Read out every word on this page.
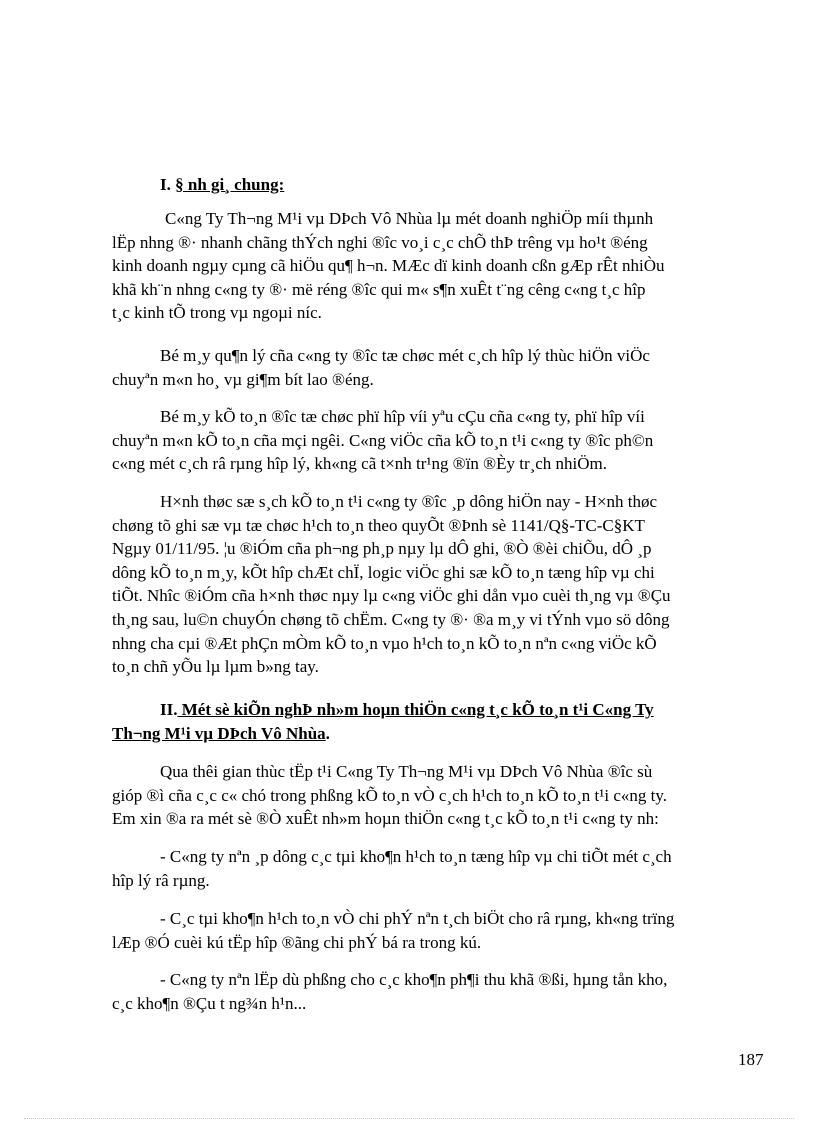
I. § nh gi¸ chung:
C«ng Ty Th¬ng M¹i vµ DÞch Vô Nhùa lµ mét doanh nghiÖp míi thµnh
lËp nhng ®· nhanh chãng thÝch nghi ®îc vo¸i c¸c chÕ thÞ trêng vµ ho¹t ®éng
kinh doanh ngµy cµng cã hiÖu qu¶ h¬n. MÆc dï kinh doanh cßn gÆp rÊt nhiÒu
khã kh¨n nhng c«ng ty ®· më réng ®îc qui m« s¶n xuÊt t¨ng cêng c«ng t¸c hîp
t¸c kinh tÕ trong vµ ngoµi níc.
Bé m¸y qu¶n lý cña c«ng ty ®îc tæ chøc mét c¸ch hîp lý thùc hiÖn viÖc
chuyªn m«n ho¸ vµ gi¶m bít lao ®éng.
Bé m¸y kÕ to¸n ®îc tæ chøc phï hîp víi yªu cÇu cña c«ng ty, phï hîp víi
chuyªn m«n kÕ to¸n cña mçi ngêi. C«ng viÖc cña kÕ to¸n t¹i c«ng ty ®îc ph©n
c«ng mét c¸ch râ rµng hîp lý, kh«ng cã t×nh tr¹ng ®ïn ®Èy tr¸ch nhiÖm.
H×nh thøc sæ s¸ch kÕ to¸n t¹i c«ng ty ®îc ¸p dông hiÖn nay - H×nh thøc
chøng tõ ghi sæ vµ tæ chøc h¹ch to¸n theo quyÕt ®Þnh sè 1141/Q§-TC-C§KT
Ngµy 01/11/95. ¦u ®iÓm cña ph¬ng ph¸p nµy lµ dÔ ghi, ®Ò ®èi chiÕu, dÔ ¸p
dông kÕ to¸n m¸y, kÕt hîp chÆt chÏ, logic viÖc ghi sæ kÕ to¸n tæng hîp vµ chi
tiÕt. Nhîc ®iÓm cña h×nh thøc nµy lµ c«ng viÖc ghi dån vµo cuèi th¸ng vµ ®Çu
th¸ng sau, lu©n chuyÓn chøng tõ chËm. C«ng ty ®· ®a m¸y vi tÝnh vµo sö dông
nhng cha cµi ®Æt phÇn mÒm kÕ to¸n vµo h¹ch to¸n kÕ to¸n nªn c«ng viÖc kÕ
to¸n chñ yÕu lµ lµm b»ng tay.
II. Mét sè kiÕn nghÞ nh»m hoµn thiÖn c«ng t¸c kÕ to¸n t¹i C«ng Ty
Th¬ng M¹i vµ DÞch Vô Nhùa.
Qua thêi gian thùc tËp t¹i C«ng Ty Th¬ng M¹i vµ DÞch Vô Nhùa ®îc sù
gióp ®ì cña c¸c c« chó trong phßng kÕ to¸n vÒ c¸ch h¹ch to¸n kÕ to¸n t¹i c«ng ty.
Em xin ®a ra mét sè ®Ò xuÊt nh»m hoµn thiÖn c«ng t¸c kÕ to¸n t¹i c«ng ty nh:
- C«ng ty nªn ¸p dông c¸c tµi kho¶n h¹ch to¸n tæng hîp vµ chi tiÕt mét c¸ch
hîp lý râ rµng.
- C¸c tµi kho¶n h¹ch to¸n vÒ chi phÝ nªn t¸ch biÖt cho râ rµng, kh«ng trïng
lÆp ®Ó cuèi kú tËp hîp ®ãng chi phÝ bá ra trong kú.
- C«ng ty nªn lËp dù phßng cho c¸c kho¶n ph¶i thu khã ®ßi, hµng tån kho,
c¸c kho¶n ®Çu t ng¾n h¹n...
187
